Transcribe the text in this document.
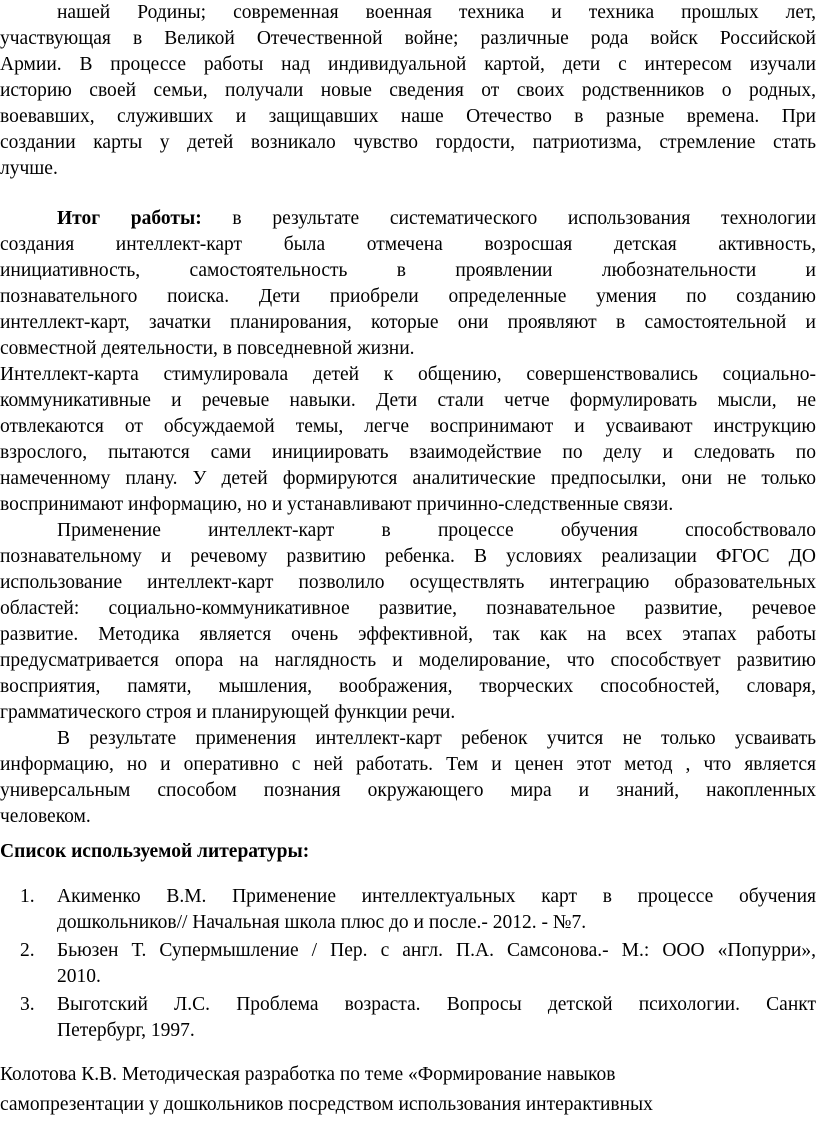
нашей Родины; современная военная техника и техника прошлых лет,
участвующая в Великой Отечественной войне; различные рода войск Российской
Армии. В процессе работы над индивидуальной картой, дети с интересом изучали
историю своей семьи, получали новые сведения от своих родственников о родных,
воевавших, служивших и защищавших наше Отечество в разные времена. При
создании карты у детей возникало чувство гордости, патриотизма, стремление стать
лучше.
Итог работы: в результате систематического использования технологии
создания интеллект-карт была отмечена возросшая детская активность,
инициативность, самостоятельность в проявлении любознательности и
познавательного поиска. Дети приобрели определенные умения по созданию
интеллект-карт, зачатки планирования, которые они проявляют в самостоятельной и
совместной деятельности, в повседневной жизни.
Интеллект-карта стимулировала детей к общению, совершенствовались социально-
коммуникативные и речевые навыки. Дети стали четче формулировать мысли, не
отвлекаются от обсуждаемой темы, легче воспринимают и усваивают инструкцию
взрослого, пытаются сами инициировать взаимодействие по делу и следовать по
намеченному плану. У детей формируются аналитические предпосылки, они не только
воспринимают информацию, но и устанавливают причинно-следственные связи.
Применение интеллект-карт в процессе обучения способствовало
познавательному и речевому развитию ребенка. В условиях реализации ФГОС ДО
использование интеллект-карт позволило осуществлять интеграцию образовательных
областей: социально-коммуникативное развитие, познавательное развитие, речевое
развитие. Методика является очень эффективной, так как на всех этапах работы
предусматривается опора на наглядность и моделирование, что способствует развитию
восприятия, памяти, мышления, воображения, творческих способностей, словаря,
грамматического строя и планирующей функции речи.
В результате применения интеллект-карт ребенок учится не только усваивать
информацию, но и оперативно с ней работать. Тем и ценен этот метод , что является
универсальным способом познания окружающего мира и знаний, накопленных
человеком.
Список используемой литературы:
1. Акименко В.М. Применение интеллектуальных карт в процессе обучения
дошкольников// Начальная школа плюс до и после.- 2012. - №7.
2. Бьюзен Т. Супермышление / Пер. с англ. П.А. Самсонова.- М.: ООО «Попурри»,
2010.
3. Выготский Л.С. Проблема возраста. Вопросы детской психологии. Санкт
Петербург, 1997.
Колотова К.В. Методическая разработка по теме «Формирование навыков
самопрезентации у дошкольников посредством использования интерактивных
